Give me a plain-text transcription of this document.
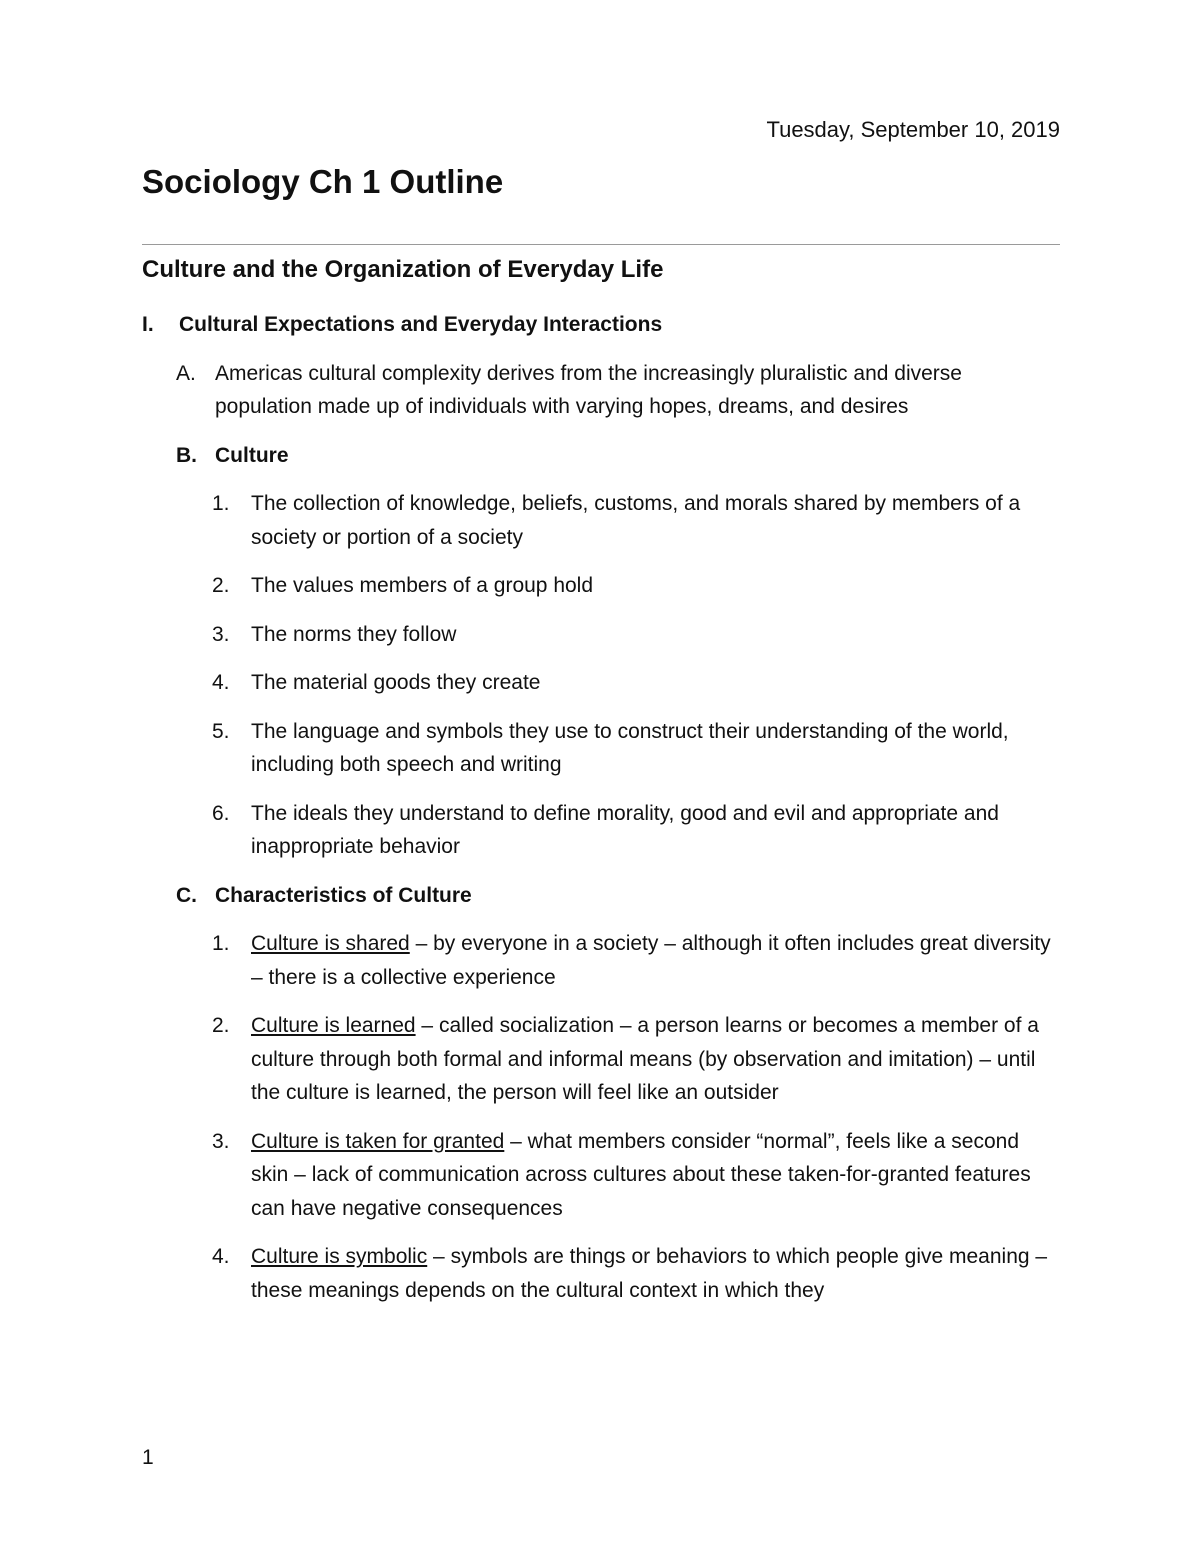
Tuesday, September 10, 2019
Sociology Ch 1 Outline
Culture and the Organization of Everyday Life
I.	Cultural Expectations and Everyday Interactions
A. Americas cultural complexity derives from the increasingly pluralistic and diverse population made up of individuals with varying hopes, dreams, and desires
B. Culture
1.	The collection of knowledge, beliefs, customs, and morals shared by members of a society or portion of a society
2.	The values members of a group hold
3.	The norms they follow
4.	The material goods they create
5.	The language and symbols they use to construct their understanding of the world, including both speech and writing
6.	The ideals they understand to define morality, good and evil and appropriate and inappropriate behavior
C. Characteristics of Culture
1.	Culture is shared – by everyone in a society – although it often includes great diversity – there is a collective experience
2.	Culture is learned – called socialization – a person learns or becomes a member of a culture through both formal and informal means (by observation and imitation) – until the culture is learned, the person will feel like an outsider
3.	Culture is taken for granted – what members consider “normal”, feels like a second skin – lack of communication across cultures about these taken-for-granted features can have negative consequences
4.	Culture is symbolic – symbols are things or behaviors to which people give meaning – these meanings depends on the cultural context in which they
1
